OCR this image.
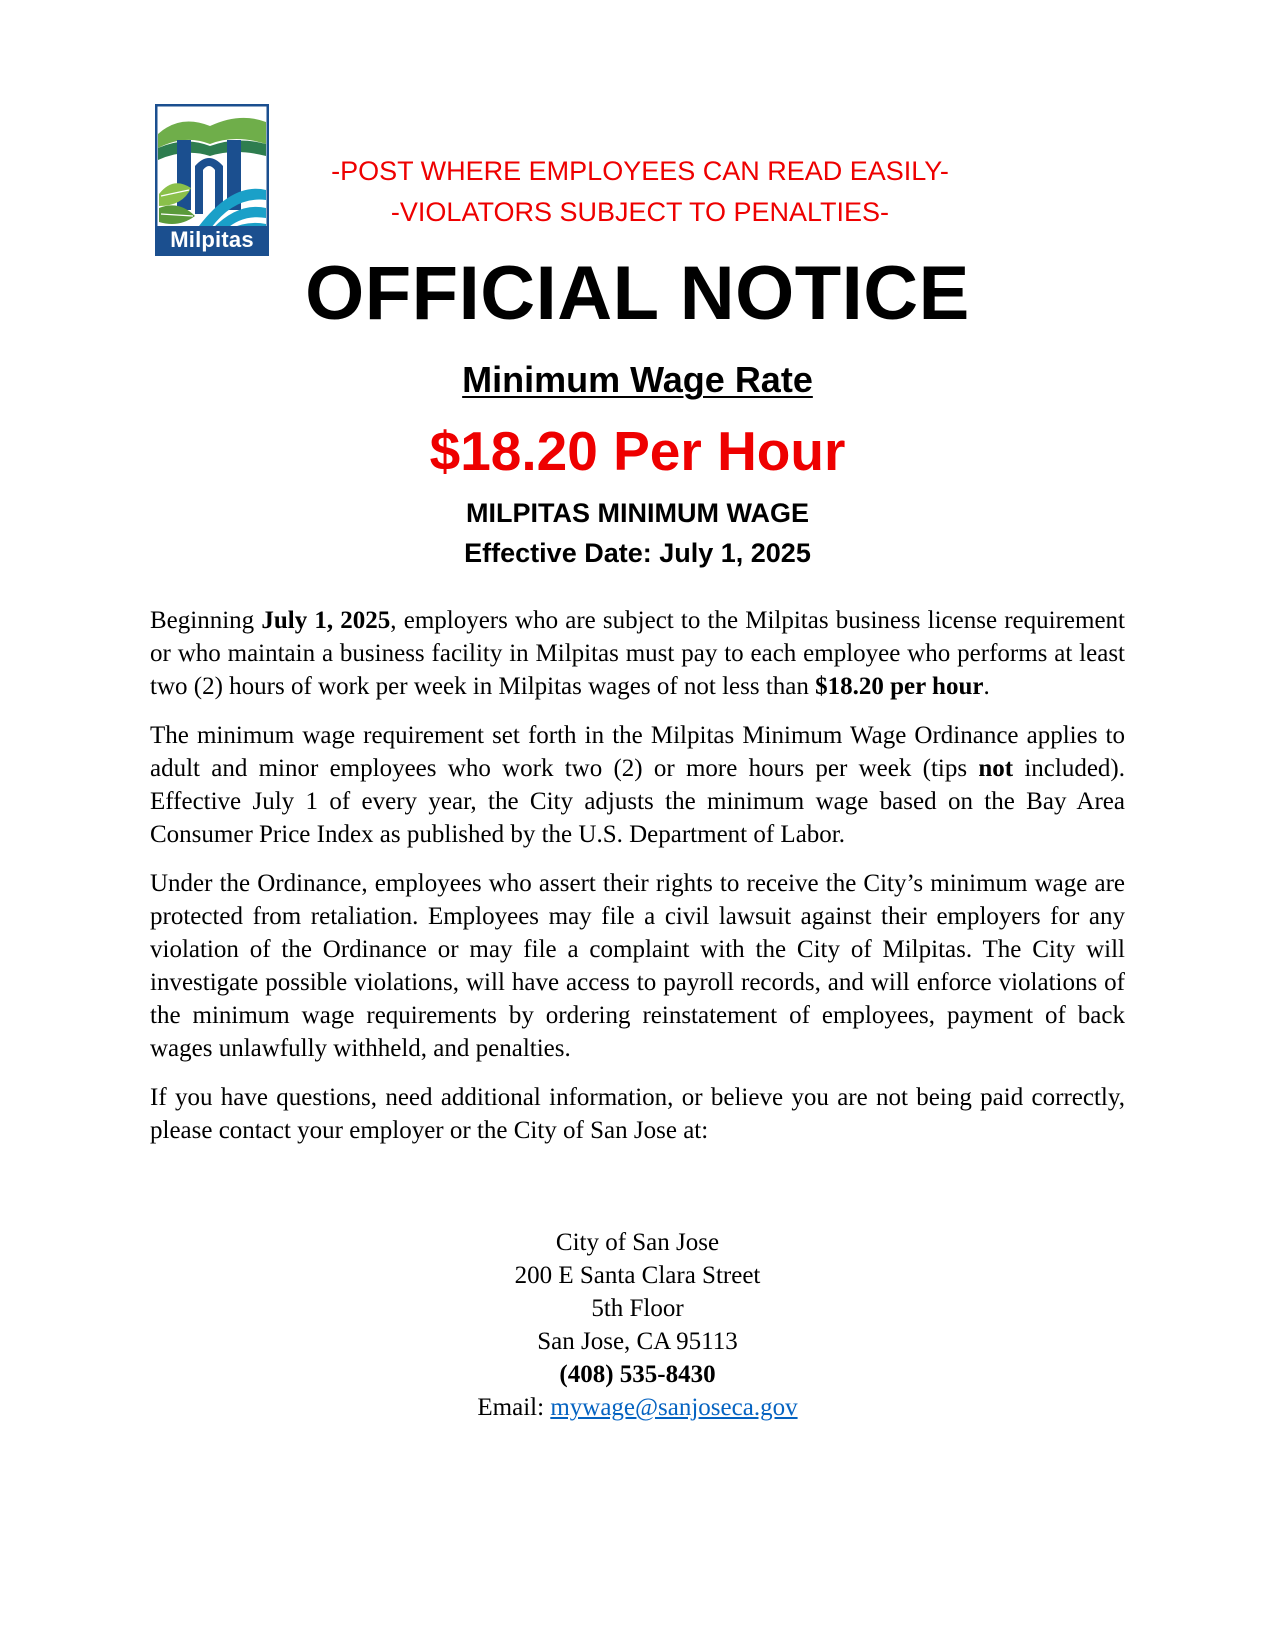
Milpitas
-POST WHERE EMPLOYEES CAN READ EASILY-
-VIOLATORS SUBJECT TO PENALTIES-
OFFICIAL NOTICE
Minimum Wage Rate
$18.20 Per Hour
MILPITAS MINIMUM WAGE
Effective Date: July 1, 2025

Beginning July 1, 2025, employers who are subject to the Milpitas business license requirement or who maintain a business facility in Milpitas must pay to each employee who performs at least two (2) hours of work per week in Milpitas wages of not less than $18.20 per hour.

The minimum wage requirement set forth in the Milpitas Minimum Wage Ordinance applies to adult and minor employees who work two (2) or more hours per week (tips not included). Effective July 1 of every year, the City adjusts the minimum wage based on the Bay Area Consumer Price Index as published by the U.S. Department of Labor.

Under the Ordinance, employees who assert their rights to receive the City’s minimum wage are protected from retaliation. Employees may file a civil lawsuit against their employers for any violation of the Ordinance or may file a complaint with the City of Milpitas. The City will investigate possible violations, will have access to payroll records, and will enforce violations of the minimum wage requirements by ordering reinstatement of employees, payment of back wages unlawfully withheld, and penalties.

If you have questions, need additional information, or believe you are not being paid correctly, please contact your employer or the City of San Jose at:

City of San Jose
200 E Santa Clara Street
5th Floor
San Jose, CA 95113
(408) 535-8430
Email: mywage@sanjoseca.gov
